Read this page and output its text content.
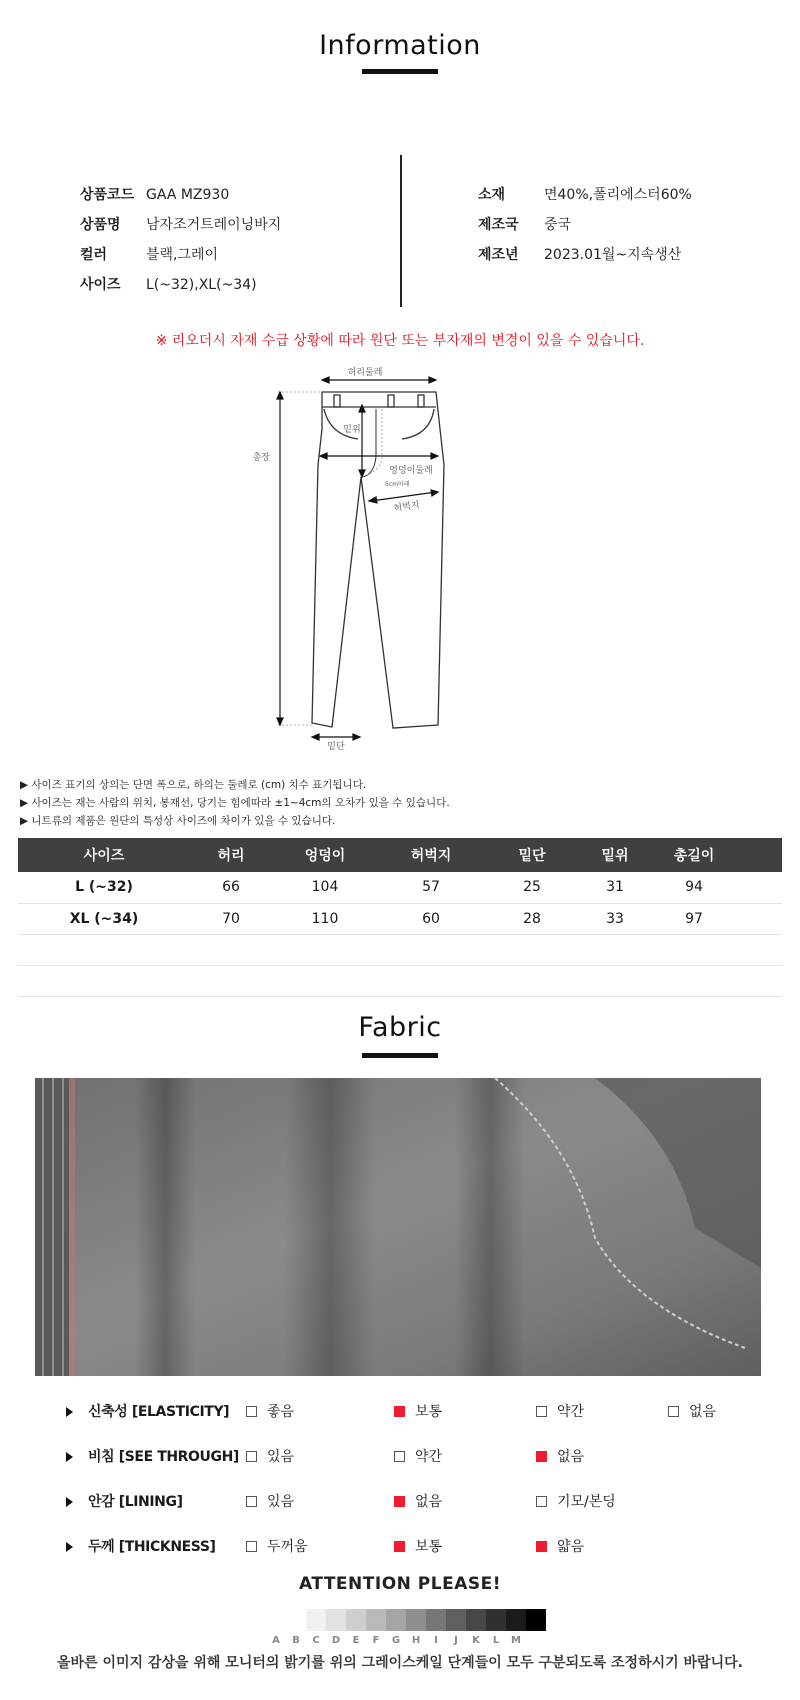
Information
상품코드 GAA MZ930
상품명 남자조거트레이닝바지
컬러	블랙,그레이
사이즈 L(~32),XL(~34)
소재	면40%,폴리에스터60%
제조국 중국
제조년 2023.01월~지속생산
※ 리오더시 자재 수급 상황에 따라 원단 또는 부자재의 변경이 있을 수 있습니다.
허리둘레
밑위
엉덩이둘레
5cm아래
허벅지
총장
밑단
▶ 사이즈 표기의 상의는 단면 폭으로, 하의는 둘레로 (cm) 치수 표기됩니다.
▶ 사이즈는 재는 사람의 위치, 봉재선, 당기는 힘에따라 ±1~4cm의 오차가 있을 수 있습니다.
▶ 니트류의 제품은 원단의 특성상 사이즈에 차이가 있을 수 있습니다.
사이즈	허리	엉덩이	허벅지	밑단	밑위	총길이	
L (~32)	66	104	57	25	31	94	
XL (~34)	70	110	60	28	33	97	

Fabric
신축성 [ELASTICITY]	좋음	보통	약간	없음
비침 [SEE THROUGH] 있음	약간	없음
안감 [LINING]	있음	없음	기모/본딩
두께 [THICKNESS]	두꺼움	보통	얇음
ATTENTION PLEASE!
A	B	C	D	E	F	G	H	I	J	K	L	M
올바른 이미지 감상을 위해 모니터의 밝기를 위의 그레이스케일 단계들이 모두 구분되도록 조정하시기 바랍니다.
